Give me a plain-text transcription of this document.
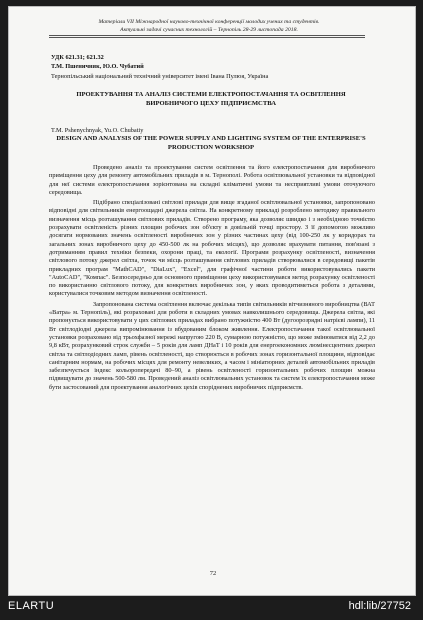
Матеріали VII Міжнародної науково-технічної конференції молодих учених та студентів.
Актуальні задачі сучасних технологій – Тернопіль 28-29 листопада 2018.
УДК 621.31; 621.32
Т.М. Пшеничняк, Ю.О. Чубатий
Тернопільський національний технічний університет імені Івана Пулюя, Україна
ПРОЕКТУВАННЯ ТА АНАЛІЗ СИСТЕМИ ЕЛЕКТРОПОСТАЧАННЯ ТА ОСВІТЛЕННЯ ВИРОБНИЧОГО ЦЕХУ ПІДПРИЄМСТВА
T.M. Pshenychnyak, Yu.O. Chubatiy
DESIGN AND ANALYSIS OF THE POWER SUPPLY AND LIGHTING SYSTEM OF THE ENTERPRISE'S PRODUCTION WORKSHOP

Проведено аналіз та проектування систем освітлення та його електропостачання для виробничого приміщення цеху для ремонту автомобільних приладів в м. Тернополі. Робота освітлювальної установки та відповідної для неї системи електропостачання зорієнтована на складні кліматичні умови та несприятливі умови оточуючого середовища.

Підібрано спеціалізовані світлові прилади для вище згаданої освітлювальної установки, запропоновано відповідні для світильників енергоощадні джерела світла. На конкретному прикладі розроблено методику правильного визначення місць розташування світлових приладів. Створено програму, яка дозволяє швидко і з необхідною точністю розрахувати освітленість різних площин робочих зон об'єкту в довільній точці простору. З її допомогою можливо досягати нормованих значень освітленості виробничих зон у різних частинах цеху (від 100-250 лк у коридорах та загальних зонах виробничого цеху до 450-500 лк на робочих місцях), що дозволяє врахувати питання, пов'язані з дотриманням правил техніки безпеки, охорони праці, та екології. Програми розрахунку освітленості, визначення світлового потоку джерел світла, точок чи місць розташування світлових приладів створювалися в середовищі пакетів прикладних програм "MathCAD", "DiaLux", "Excel", для графічної частини роботи використовувались пакети "AutoCAD", "Компас". Безпосередньо для основного приміщення цеху використовувався метод розрахунку освітленості по використанню світлового потоку, для конкретних виробничих зон, у яких проводитиметься робота з деталями, користувалися точковим методом визначення освітленості.

Запропонована система освітлення включає декілька типів світильників вітчизняного виробництва (ВАТ «Ватра» м. Тернопіль), які розраховані для роботи в складних умовах навколишнього середовища. Джерела світла, які пропонується використовувати у цих світлових приладах вибрано потужністю 400 Вт (дугоорозрядні натрієві лампи), 11 Вт світлодіодні джерела випромінювання із вбудованим блоком живлення. Електропостачання такої освітлювальної установки розраховано від трьохфазної мережі напругою 220 В, сумарною потужністю, що може змінюватися від 2,2 до 9,8 кВт, розрахунковий строк служби – 5 років для ламп ДНаТ і 10 років для енергоекономних люмінесцентних джерел світла та світлодіодних ламп, рівень освітленості, що створюється в робочих зонах горизонтальної площини, відповідає санітарним нормам, на робочих місцях для ремонту невеликих, а часом і мініатюрних деталей автомобільних приладів забезпечується індекс кольоропередачі 80–90, а рівень освітленості горизонтальних робочих площин можна підвищувати до значень 500-580 лм. Проведений аналіз освітлювальних установок та систем їх електропостачання може бути застосований для проектування аналогічних цехів споріднених виробничих підприємств.

72
ELARTU	hdl:lib/27752
